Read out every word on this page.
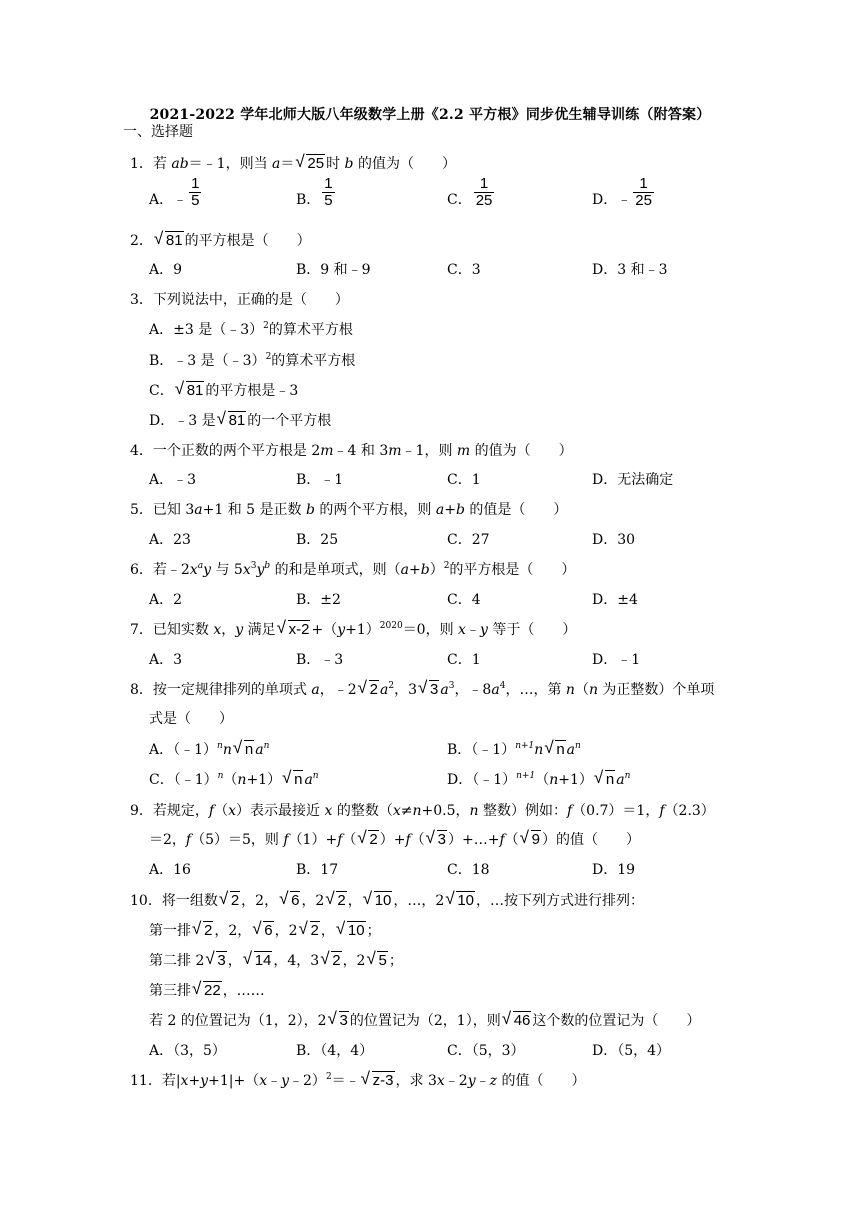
2021-2022 学年北师大版八年级数学上册《2.2 平方根》同步优生辅导训练（附答案）
一、选择题
1．若 ab＝﹣1，则当 a＝ √ 25 时 b 的值为（　　）
A．﹣ $\frac{1}{5}$	B． $\frac{1}{5}$	C． $\frac{1}{25}$	D．﹣ $\frac{1}{25}$
2． √ 81 的平方根是（　　）
A．9	B．9 和﹣9	C．3	D．3 和﹣3
3．下列说法中，正确的是（　　）
A．±3 是（﹣3）$^2$的算术平方根
B．﹣3 是（﹣3）$^2$的算术平方根
C． √ 81 的平方根是﹣3
D．﹣3 是 √ 81 的一个平方根
4．一个正数的两个平方根是 2m﹣4 和 3m﹣1，则 m 的值为（　　）
A．﹣3	B．﹣1	C．1	D．无法确定
5．已知 3a+1 和 5 是正数 b 的两个平方根，则 a+b 的值是（　　）
A．23	B．25	C．27	D．30
6．若$﹣2x^ay$ 与 $5x^3y^b$ 的和是单项式，则$(a+b)^2$的平方根是（　　）
A．2	B．±2	C．4	D．±4
7．已知实数 x，y 满足 √ $x-2 +(y+1)^{2020}=0$，则 x﹣y 等于（　　）
A．3	B．﹣3	C．1	D．﹣1
8．按一定规律排列的单项式 a，﹣2 √ 2 $a^2$，3 √ 3 $a^3$，$﹣8a^4$，…，第 n（n 为正整数）个单项
式是（　　）
A．（﹣1）$^n$n √ n $a^n$	B．（﹣1）$^{n+1}$n √ n $a^n$
C．（﹣1）$^n$（n+1） √ n $a^n$	D．（﹣1）$^{n+1}$（n+1） √ n $a^n$
9．若规定，f（x）表示最接近 x 的整数（x≠n+0.5，n 整数）例如：f（0.7）＝1，f（2.3）
＝2，f（5）＝5，则 f（1）+f（ √ 2 ）+f（ √ 3 ）+…+f（ √ 9 ）的值（　　）
A．16	B．17	C．18	D．19
10．将一组数 √ 2 ，2， √ 6 ，2 √ 2 ， √ 10 ，…，2 √ 10 ，…按下列方式进行排列：
第一排 √ 2 ，2， √ 6 ，2 √ 2 ， √ 10 ；
第二排 2 √ 3 ， √ 14 ，4，3 √ 2 ，2 √ 5 ；
第三排 √ 22 ，……
若 2 的位置记为（1，2），2 √ 3 的位置记为（2，1），则 √ 46 这个数的位置记为（　　）
A．（3，5）	B．（4，4）	C．（5，3）	D．（5，4）
11．若|x+y+1|+（x﹣y﹣2）$^2$＝﹣ √ z-3 ，求 3x﹣2y﹣z 的值（　　）
